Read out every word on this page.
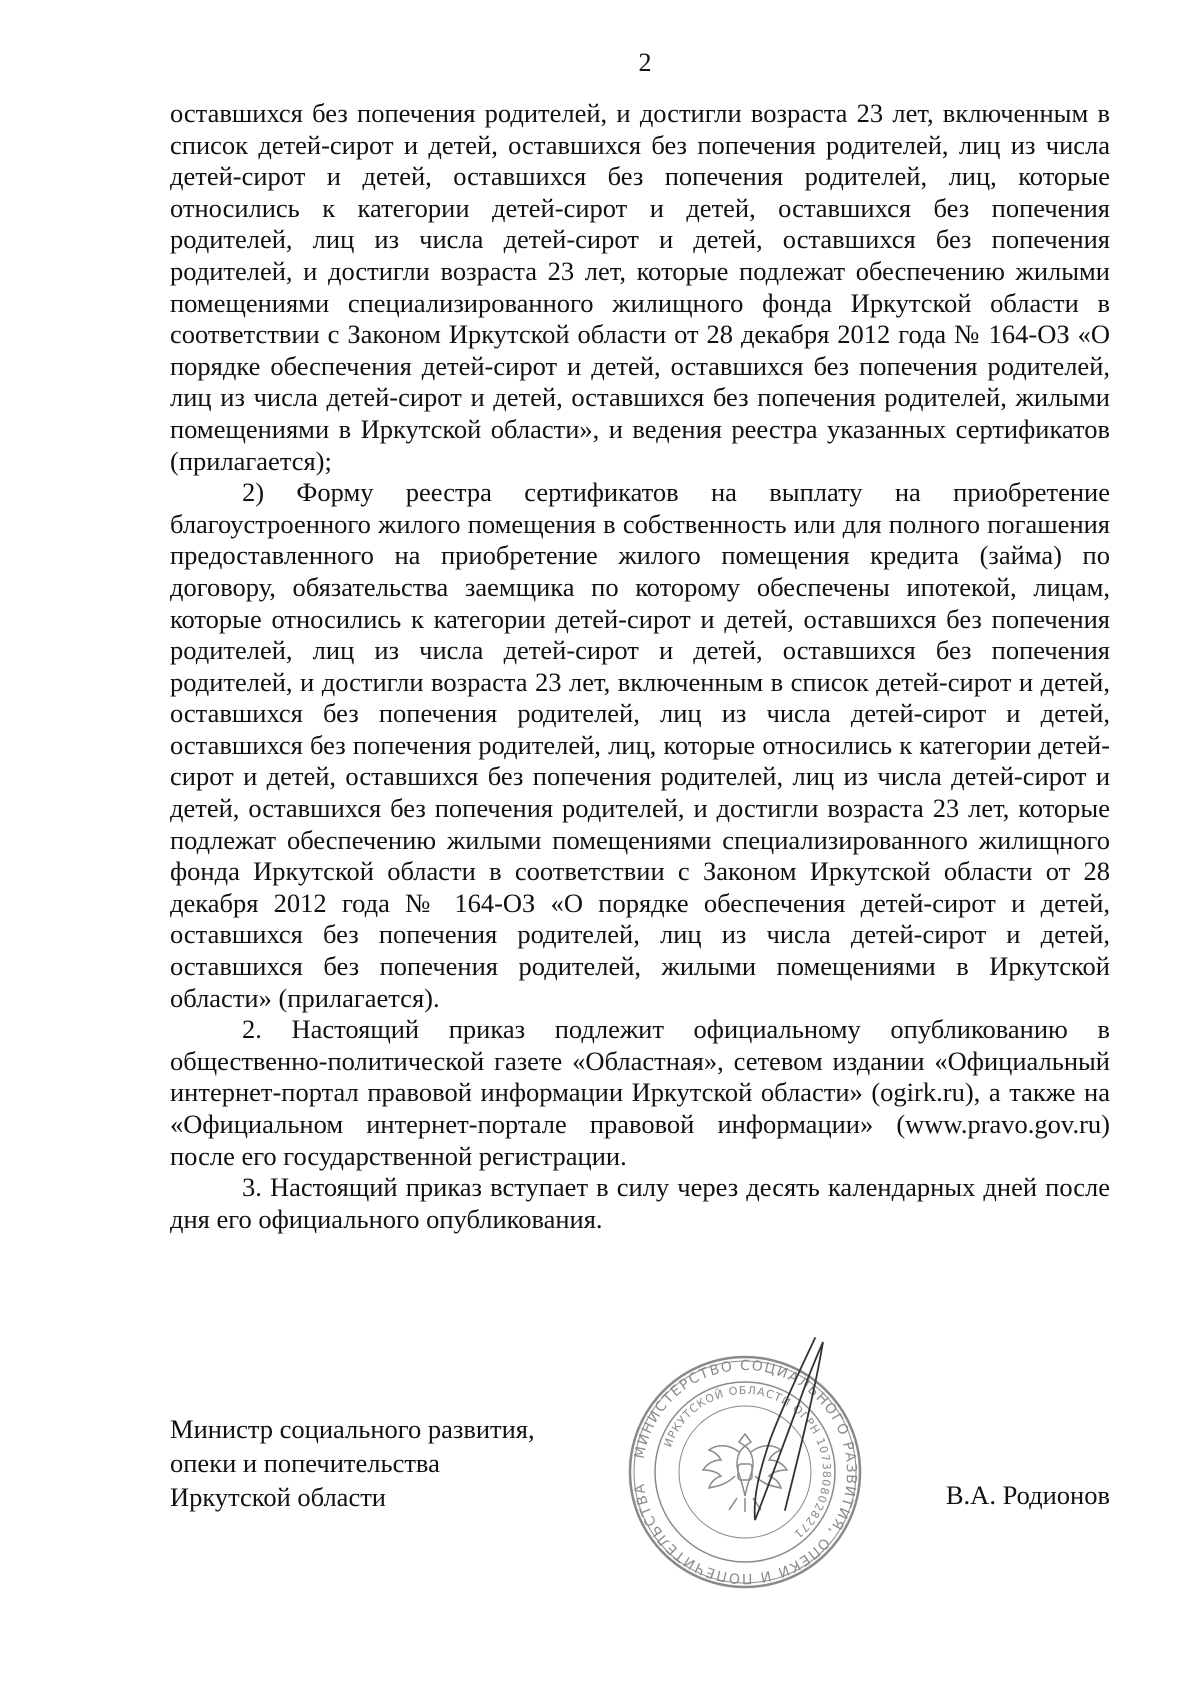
2

оставшихся без попечения родителей, и достигли возраста 23 лет, включенным в список детей-сирот и детей, оставшихся без попечения родителей, лиц из числа детей-сирот и детей, оставшихся без попечения родителей, лиц, которые относились к категории детей-сирот и детей, оставшихся без попечения родителей, лиц из числа детей-сирот и детей, оставшихся без попечения родителей, и достигли возраста 23 лет, которые подлежат обеспечению жилыми помещениями специализированного жилищного фонда Иркутской области в соответствии с Законом Иркутской области от 28 декабря 2012 года № 164-ОЗ «О порядке обеспечения детей-сирот и детей, оставшихся без попечения родителей, лиц из числа детей-сирот и детей, оставшихся без попечения родителей, жилыми помещениями в Иркутской области», и ведения реестра указанных сертификатов (прилагается);

2) Форму реестра сертификатов на выплату на приобретение благоустроенного жилого помещения в собственность или для полного погашения предоставленного на приобретение жилого помещения кредита (займа) по договору, обязательства заемщика по которому обеспечены ипотекой, лицам, которые относились к категории детей-сирот и детей, оставшихся без попечения родителей, лиц из числа детей-сирот и детей, оставшихся без попечения родителей, и достигли возраста 23 лет, включенным в список детей-сирот и детей, оставшихся без попечения родителей, лиц из числа детей-сирот и детей, оставшихся без попечения родителей, лиц, которые относились к категории детей-сирот и детей, оставшихся без попечения родителей, лиц из числа детей-сирот и детей, оставшихся без попечения родителей, и достигли возраста 23 лет, которые подлежат обеспечению жилыми помещениями специализированного жилищного фонда Иркутской области в соответствии с Законом Иркутской области от 28 декабря 2012 года № 164-ОЗ «О порядке обеспечения детей-сирот и детей, оставшихся без попечения родителей, лиц из числа детей-сирот и детей, оставшихся без попечения родителей, жилыми помещениями в Иркутской области» (прилагается).

2. Настоящий приказ подлежит официальному опубликованию в общественно-политической газете «Областная», сетевом издании «Официальный интернет-портал правовой информации Иркутской области» (ogirk.ru), а также на «Официальном интернет-портале правовой информации» (www.pravo.gov.ru) после его государственной регистрации.

3. Настоящий приказ вступает в силу через десять календарных дней после дня его официального опубликования.

Министр социального развития,
опеки и попечительства
Иркутской области
МИНИСТЕРСТВО СОЦИАЛЬНОГО РАЗВИТИЯ, ОПЕКИ И ПОПЕЧИТЕЛЬСТВА
ИРКУТСКОЙ ОБЛАСТИ ОГРН 1073808028271
В.А. Родионов
